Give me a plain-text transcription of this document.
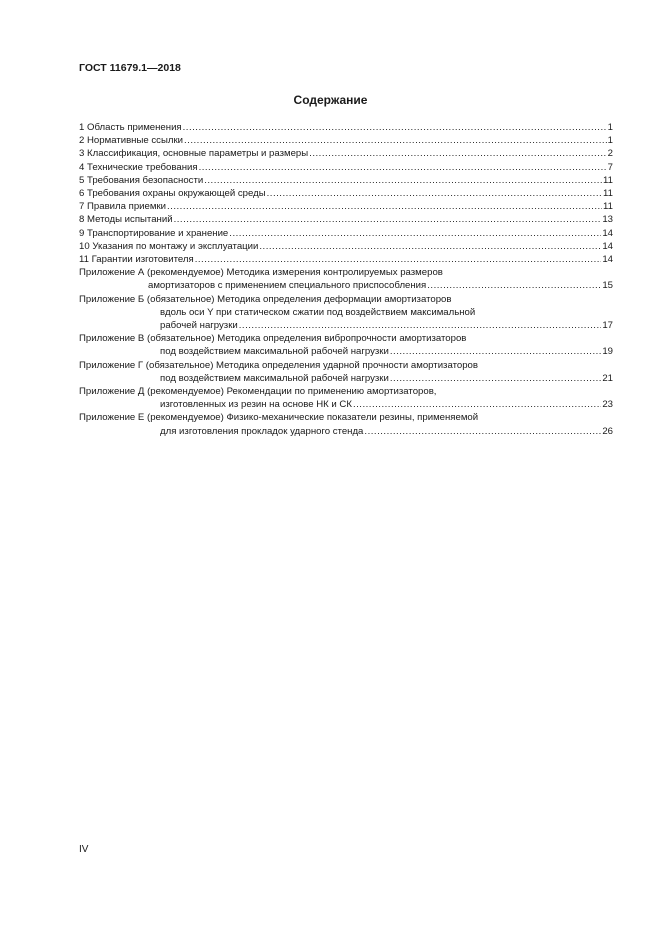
ГОСТ 11679.1—2018
Содержание
1 Область применения .....	1
2 Нормативные ссылки .....	1
3 Классификация, основные параметры и размеры .....	2
4 Технические требования .....	7
5 Требования безопасности .....	11
6 Требования охраны окружающей среды .....	11
7 Правила приемки .....	11
8 Методы испытаний .....	13
9 Транспортирование и хранение .....	14
10 Указания по монтажу и эксплуатации .....	14
11 Гарантии изготовителя .....	14
Приложение А (рекомендуемое) Методика измерения контролируемых размеров
амортизаторов с применением специального приспособления .....	15
Приложение Б (обязательное) Методика определения деформации амортизаторов
вдоль оси Y при статическом сжатии под воздействием максимальной
рабочей нагрузки .....	17
Приложение В (обязательное) Методика определения вибропрочности амортизаторов
под воздействием максимальной рабочей нагрузки .....	19
Приложение Г (обязательное) Методика определения ударной прочности амортизаторов
под воздействием максимальной рабочей нагрузки .....	21
Приложение Д (рекомендуемое) Рекомендации по применению амортизаторов,
изготовленных из резин на основе НК и СК .....	23
Приложение Е (рекомендуемое) Физико-механические показатели резины, применяемой
для изготовления прокладок ударного стенда .....	26
IV
